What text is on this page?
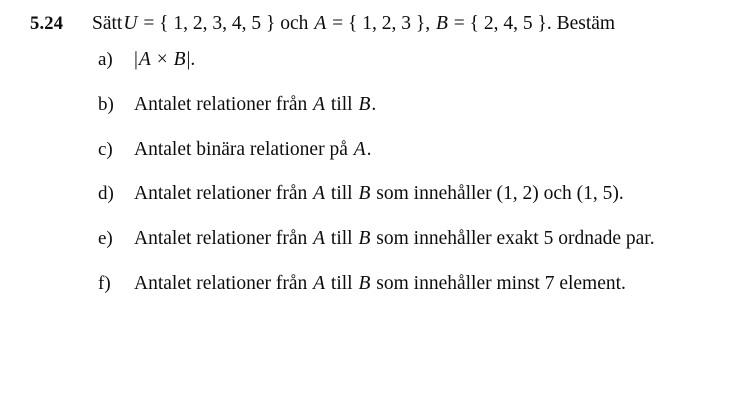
5.24	SättU = { 1, 2, 3, 4, 5 } och A = { 1, 2, 3 }, B = { 2, 4, 5 }. Bestäm
a)	|A × B|.
b)	Antalet relationer från A till B.
c)	Antalet binära relationer på A.
d)	Antalet relationer från A till B som innehåller (1, 2) och (1, 5).
e)	Antalet relationer från A till B som innehåller exakt 5 ordnade par.
f)	Antalet relationer från A till B som innehåller minst 7 element.
